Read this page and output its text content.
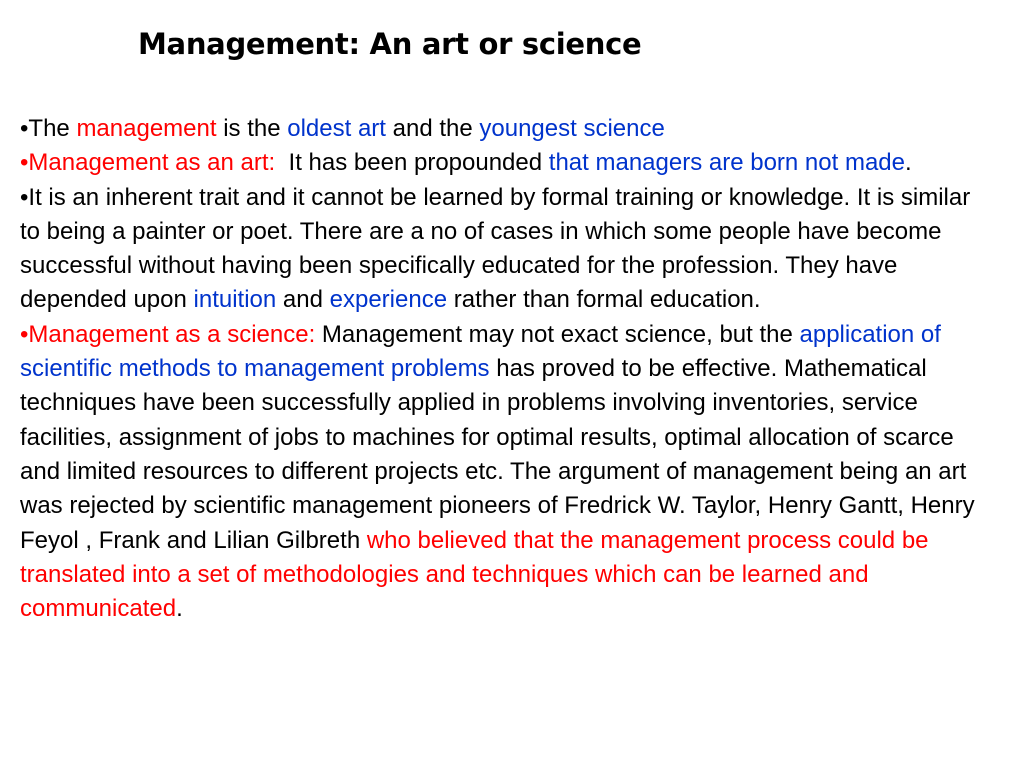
Management: An art or science

•The management is the oldest art and the youngest science

•Management as an art:  It has been propounded that managers are born not made.

•It is an inherent trait and it cannot be learned by formal training or knowledge. It is similar to being a painter or poet. There are a no of cases in which some people have become successful without having been specifically educated for the profession. They have depended upon intuition and experience rather than formal education.

•Management as a science: Management may not exact science, but the application of scientific methods to management problems has proved to be effective. Mathematical techniques have been successfully applied in problems involving inventories, service facilities, assignment of jobs to machines for optimal results, optimal allocation of scarce and limited resources to different projects etc. The argument of management being an art was rejected by scientific management pioneers of Fredrick W. Taylor, Henry Gantt, Henry Feyol , Frank and Lilian Gilbreth who believed that the management process could be translated into a set of methodologies and techniques which can be learned and communicated.
